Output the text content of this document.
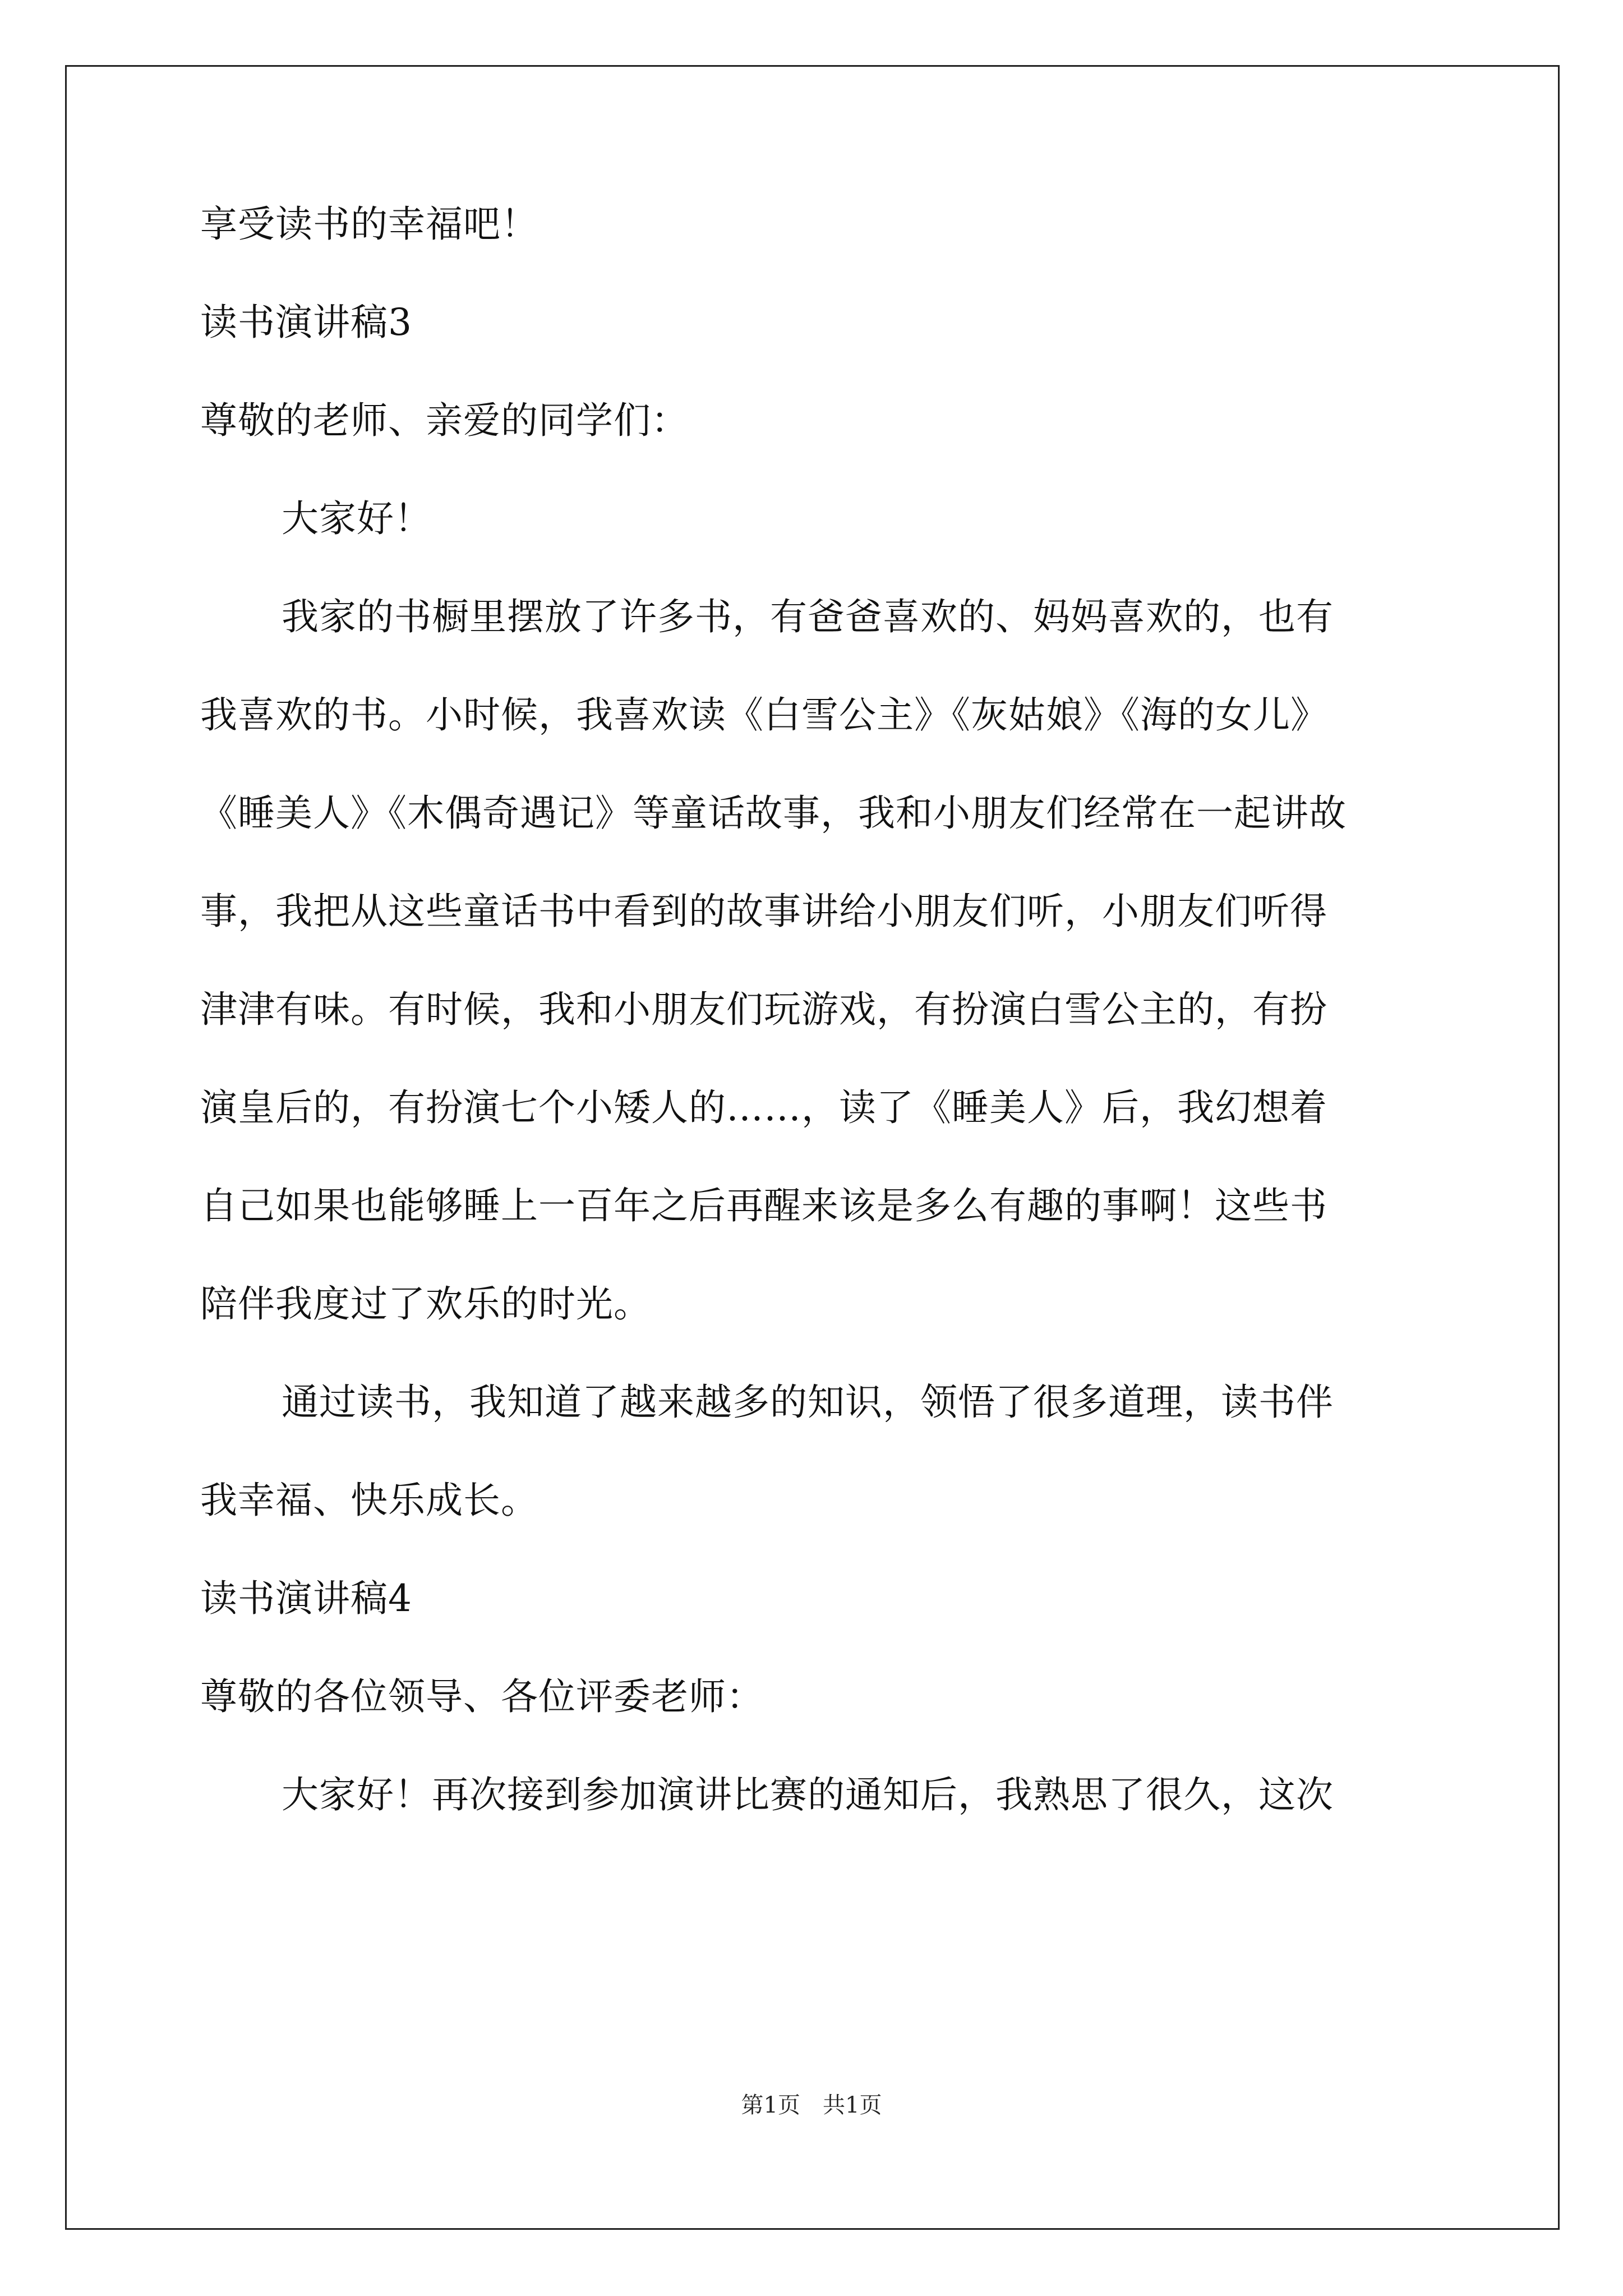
享受读书的幸福吧！
读书演讲稿3
尊敬的老师、亲爱的同学们：
大家好！
我家的书橱里摆放了许多书，有爸爸喜欢的、妈妈喜欢的，也有
我喜欢的书。小时候，我喜欢读《白雪公主》《灰姑娘》《海的女儿》
《睡美人》《木偶奇遇记》等童话故事，我和小朋友们经常在一起讲故
事，我把从这些童话书中看到的故事讲给小朋友们听，小朋友们听得
津津有味。有时候，我和小朋友们玩游戏，有扮演白雪公主的，有扮
演皇后的，有扮演七个小矮人的……，读了《睡美人》后，我幻想着
自己如果也能够睡上一百年之后再醒来该是多么有趣的事啊！这些书
陪伴我度过了欢乐的时光。
通过读书，我知道了越来越多的知识，领悟了很多道理，读书伴
我幸福、快乐成长。
读书演讲稿4
尊敬的各位领导、各位评委老师：
大家好！再次接到参加演讲比赛的通知后，我熟思了很久，这次
第1页　共1页
